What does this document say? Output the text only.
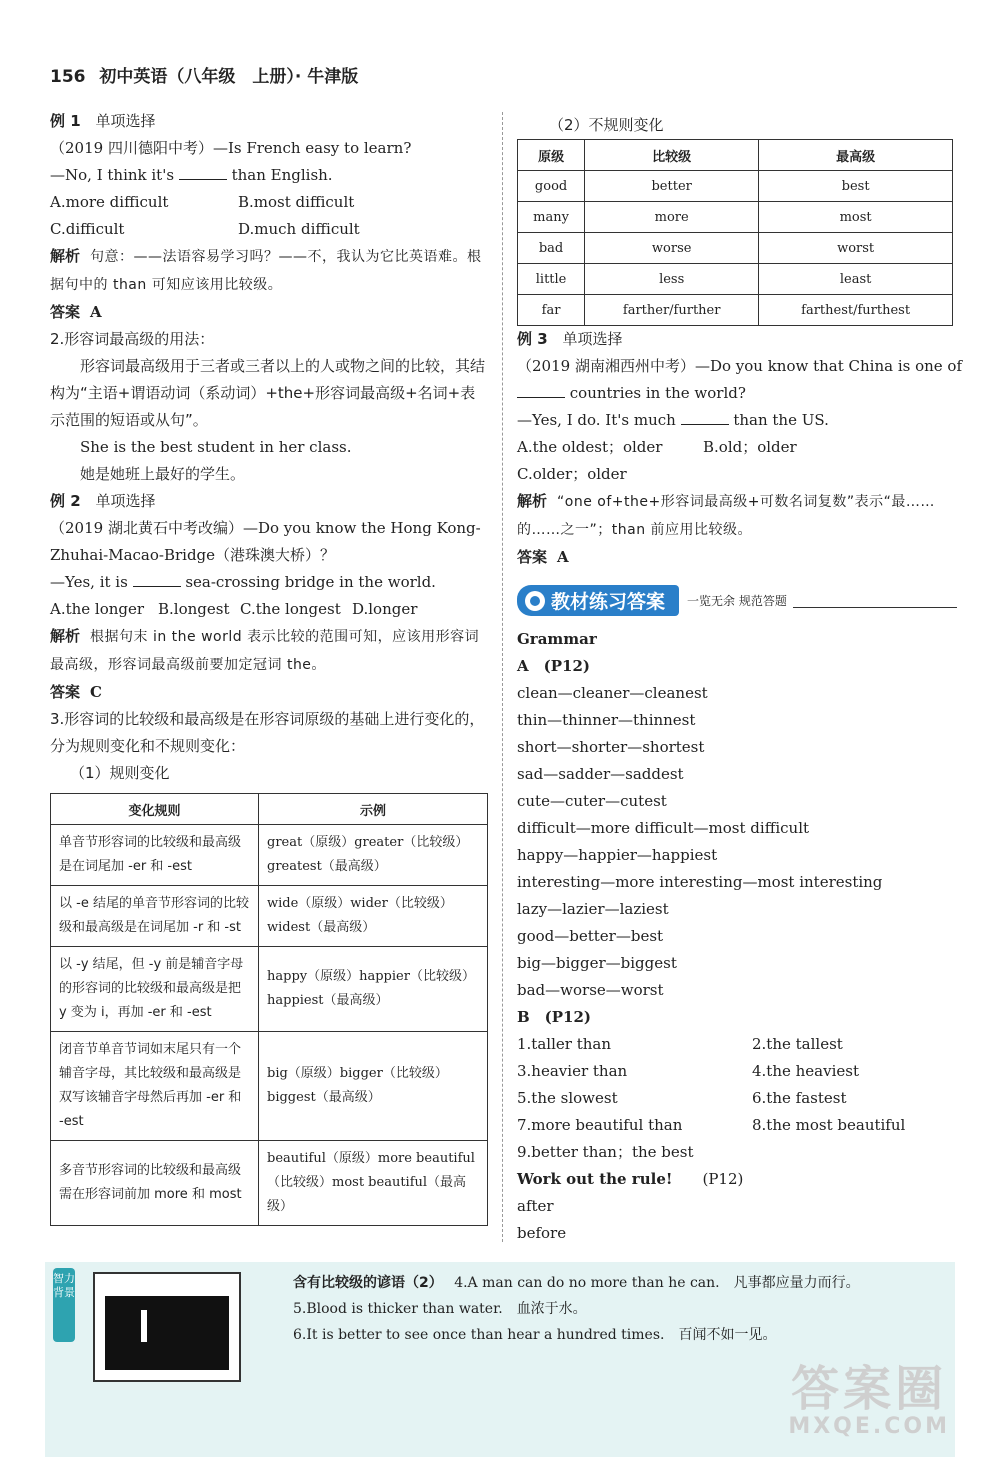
156 初中英语（八年级　上册）· 牛津版
例 1 单项选择
（2019 四川德阳中考）—Is French easy to learn?
—No, I think it's	than English.
A.more difficult	B.most difficult
C.difficult	D.much difficult
解析 句意：——法语容易学习吗？——不，我认为它比英语难。根据句中的 than 可知应该用比较级。
答案 A
2.形容词最高级的用法：
形容词最高级用于三者或三者以上的人或物之间的比较，其结构为“主语+谓语动词（系动词）+the+形容词最高级+名词+表示范围的短语或从句”。
She is the best student in her class.
她是她班上最好的学生。
例 2 单项选择
（2019 湖北黄石中考改编）—Do you know the Hong Kong-Zhuhai-Macao-Bridge（港珠澳大桥）？
—Yes, it is	sea-crossing bridge in the world.
A.the longer B.longest C.the longest D.longer
解析 根据句末 in the world 表示比较的范围可知，应该用形容词最高级，形容词最高级前要加定冠词 the。
答案 C
3.形容词的比较级和最高级是在形容词原级的基础上进行变化的，分为规则变化和不规则变化：
（1）规则变化
变化规则	示例
单音节形容词的比较级和最高级是在词尾加 -er 和 -est	great（原级）greater（比较级）greatest（最高级）
以 -e 结尾的单音节形容词的比较级和最高级是在词尾加 -r 和 -st	wide（原级）wider（比较级）widest（最高级）
以 -y 结尾，但 -y 前是辅音字母的形容词的比较级和最高级是把 y 变为 i，再加 -er 和 -est	happy（原级）happier（比较级）happiest（最高级）
闭音节单音节词如末尾只有一个辅音字母，其比较级和最高级是双写该辅音字母然后再加 -er 和 -est	big（原级）bigger（比较级）biggest（最高级）
多音节形容词的比较级和最高级需在形容词前加 more 和 most	beautiful（原级）more beautiful（比较级）most beautiful（最高级）
（2）不规则变化
原级	比较级	最高级
good	better	best
many	more	most
bad	worse	worst
little	less	least
far	farther/further	farthest/furthest
例 3 单项选择
（2019 湖南湘西州中考）—Do you know that China is one of
countries in the world?
—Yes, I do. It's much	than the US.
A.the oldest；older	B.old；older
C.older；older
解析 “one of+the+形容词最高级+可数名词复数”表示“最……的……之一”；than 前应用比较级。
答案 A
教材练习答案 一览无余 规范答题
Grammar
A　(P12)
clean—cleaner—cleanest
thin—thinner—thinnest
short—shorter—shortest
sad—sadder—saddest
cute—cuter—cutest
difficult—more difficult—most difficult
happy—happier—happiest
interesting—more interesting—most interesting
lazy—lazier—laziest
good—better—best
big—bigger—biggest
bad—worse—worst
B　(P12)
1.taller than	2.the tallest
3.heavier than	4.the heaviest
5.the slowest	6.the fastest
7.more beautiful than	8.the most beautiful
9.better than；the best
Work out the rule!　　 (P12)
after
before
智力背景
含有比较级的谚语（2）　 4.A man can do no more than he can.　 凡事都应量力而行。
5.Blood is thicker than water.　 血浓于水。
6.It is better to see once than hear a hundred times.　 百闻不如一见。
答案圈
MXQE.COM
